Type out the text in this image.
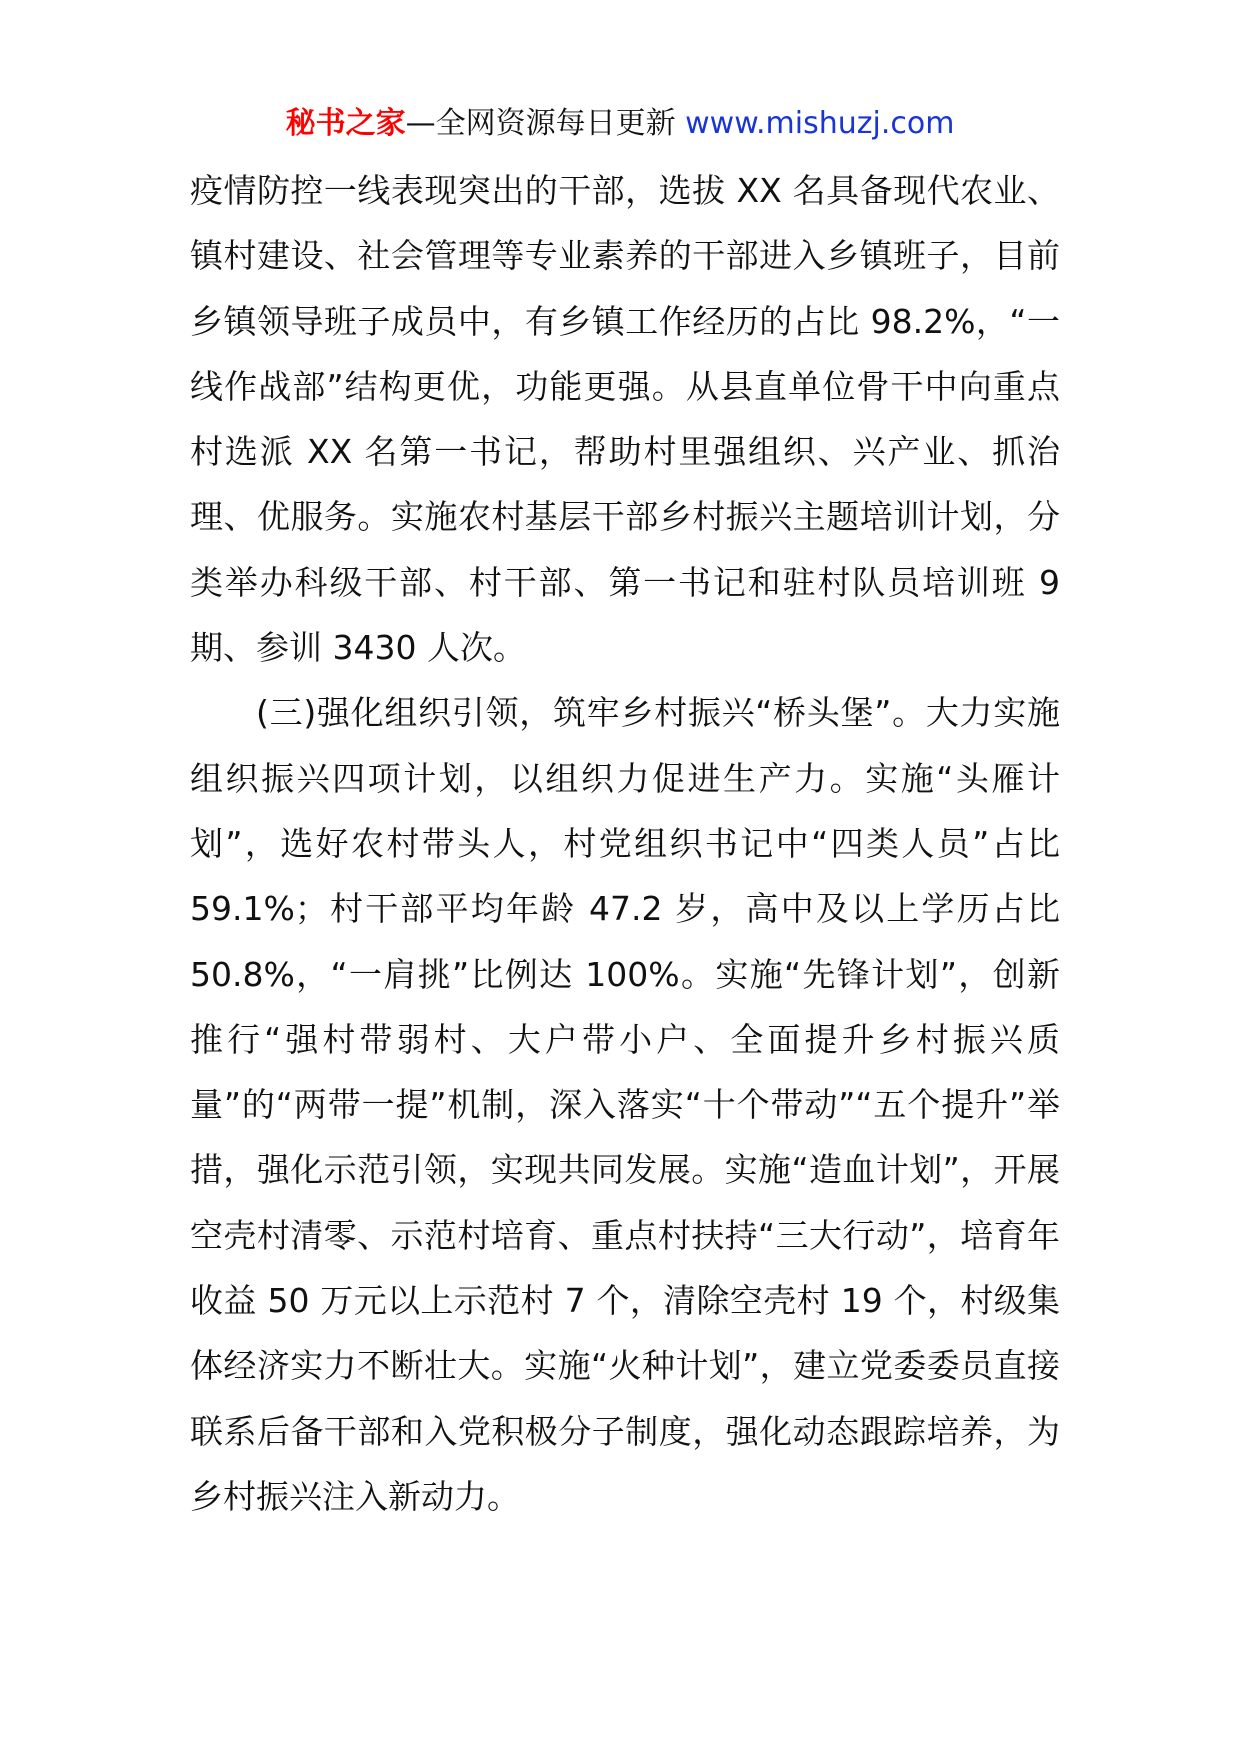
秘书之家—全网资源每日更新 www.mishuzj.com

疫情防控一线表现突出的干部，选拔 XX 名具备现代农业、镇村建设、社会管理等专业素养的干部进入乡镇班子，目前乡镇领导班子成员中，有乡镇工作经历的占比 98.2%，“一线作战部”结构更优，功能更强。从县直单位骨干中向重点村选派 XX 名第一书记，帮助村里强组织、兴产业、抓治理、优服务。实施农村基层干部乡村振兴主题培训计划，分类举办科级干部、村干部、第一书记和驻村队员培训班 9 期、参训 3430 人次。

(三)强化组织引领，筑牢乡村振兴“桥头堡”。大力实施组织振兴四项计划，以组织力促进生产力。实施“头雁计划”，选好农村带头人，村党组织书记中“四类人员”占比 59.1%；村干部平均年龄 47.2 岁，高中及以上学历占比 50.8%，“一肩挑”比例达 100%。实施“先锋计划”，创新推行“强村带弱村、大户带小户、全面提升乡村振兴质量”的“两带一提”机制，深入落实“十个带动”“五个提升”举措，强化示范引领，实现共同发展。实施“造血计划”，开展空壳村清零、示范村培育、重点村扶持“三大行动”，培育年收益 50 万元以上示范村 7 个，清除空壳村 19 个，村级集体经济实力不断壮大。实施“火种计划”，建立党委委员直接联系后备干部和入党积极分子制度，强化动态跟踪培养，为乡村振兴注入新动力。
